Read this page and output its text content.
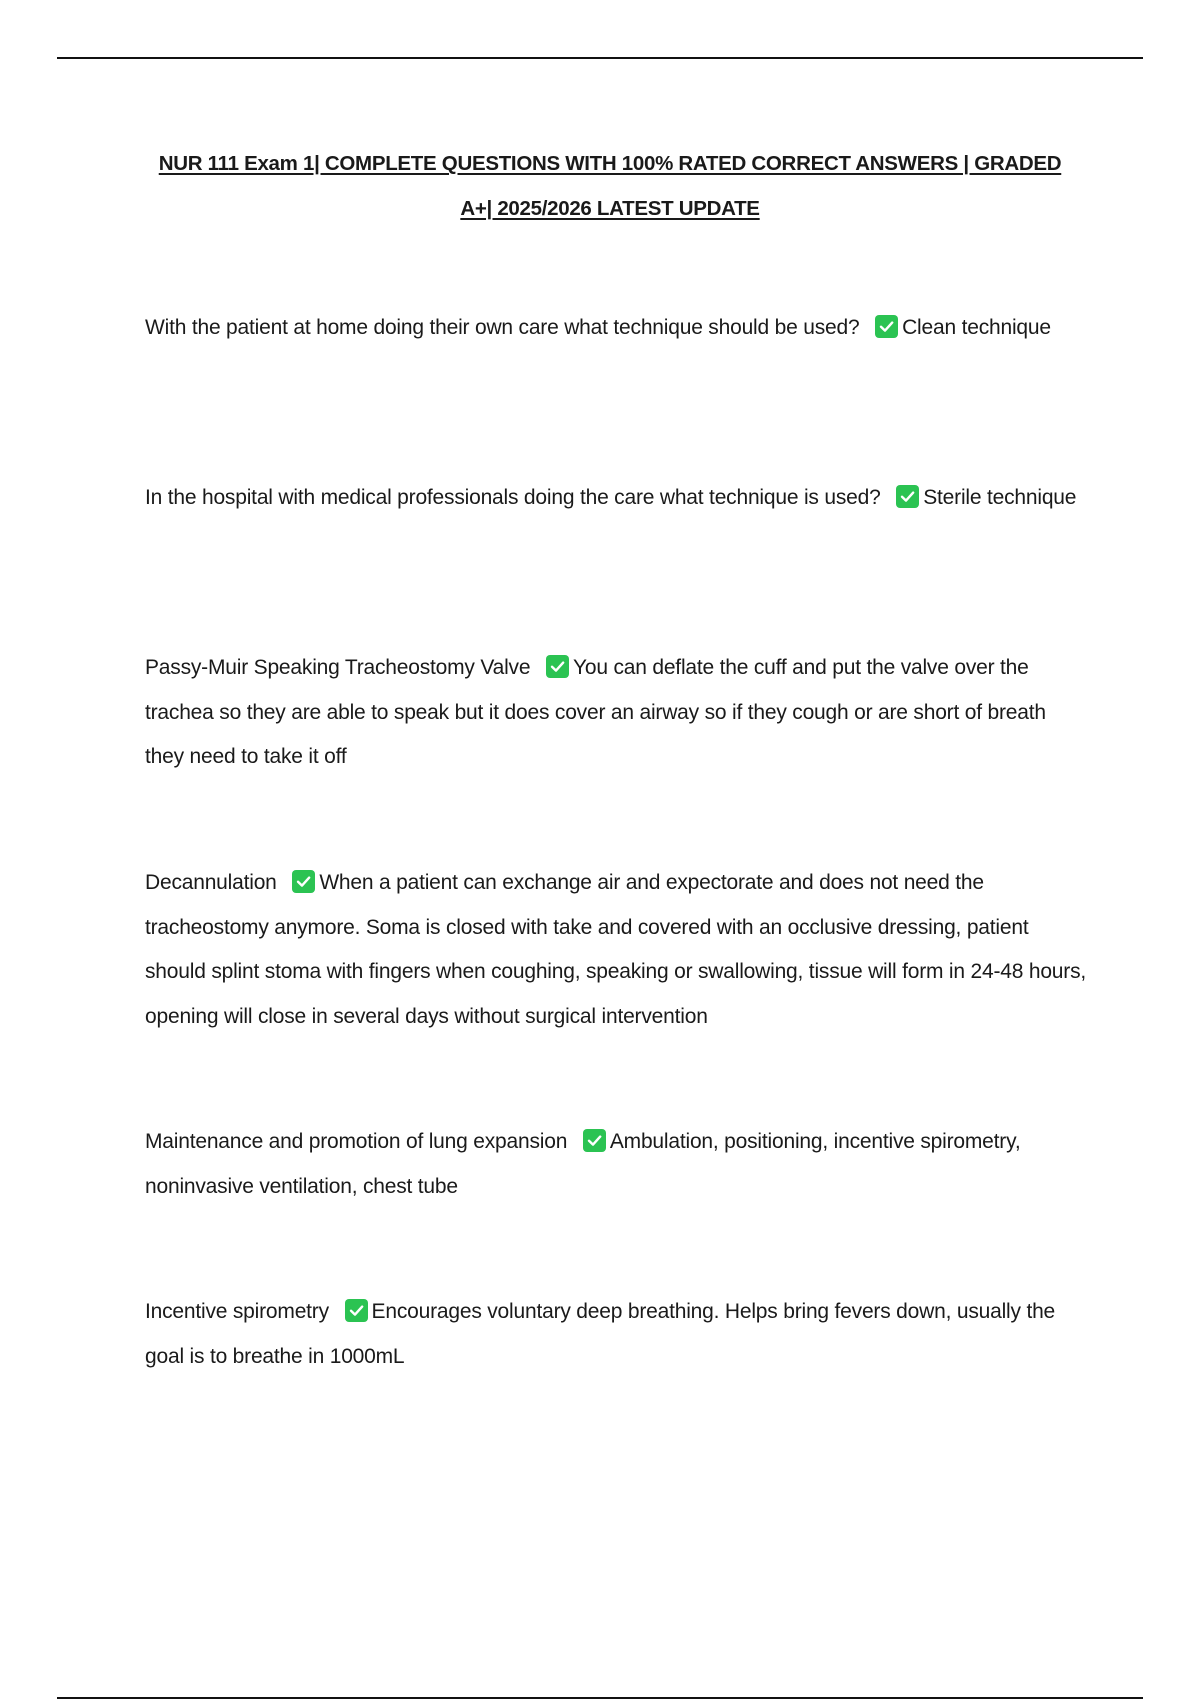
NUR 111 Exam 1| COMPLETE QUESTIONS WITH 100% RATED CORRECT ANSWERS | GRADED
A+| 2025/2026 LATEST UPDATE
With the patient at home doing their own care what technique should be used? Clean technique
In the hospital with medical professionals doing the care what technique is used? Sterile technique
Passy-Muir Speaking Tracheostomy Valve You can deflate the cuff and put the valve over the trachea so they are able to speak but it does cover an airway so if they cough or are short of breath they need to take it off
Decannulation When a patient can exchange air and expectorate and does not need the tracheostomy anymore. Soma is closed with take and covered with an occlusive dressing, patient should splint stoma with fingers when coughing, speaking or swallowing, tissue will form in 24-48 hours, opening will close in several days without surgical intervention
Maintenance and promotion of lung expansion Ambulation, positioning, incentive spirometry, noninvasive ventilation, chest tube
Incentive spirometry Encourages voluntary deep breathing. Helps bring fevers down, usually the goal is to breathe in 1000mL
